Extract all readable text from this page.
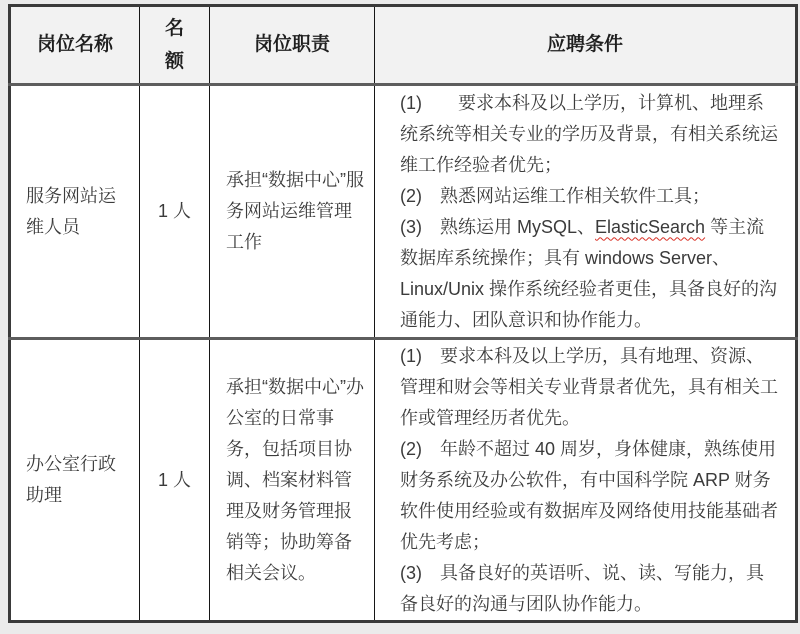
岗位名称	名额	岗位职责	应聘条件
服务网站运维人员	1 人	承担“数据中心”服务网站运维管理工作	(1)　　要求本科及以上学历，计算机、地理系统系统等相关专业的学历及背景，有相关系统运维工作经验者优先；

(2)　熟悉网站运维工作相关软件工具；

(3)　熟练运用 MySQL、ElasticSearch 等主流数据库系统操作；具有 windows Server、Linux/Unix 操作系统经验者更佳，具备良好的沟通能力、团队意识和协作能力。

办公室行政助理	1 人	承担“数据中心”办公室的日常事务，包括项目协调、档案材料管理及财务管理报销等；协助筹备相关会议。	(1)　要求本科及以上学历，具有地理、资源、管理和财会等相关专业背景者优先，具有相关工作或管理经历者优先。

(2)　年龄不超过 40 周岁，身体健康，熟练使用财务系统及办公软件，有中国科学院 ARP 财务软件使用经验或有数据库及网络使用技能基础者优先考虑；

(3)　具备良好的英语听、说、读、写能力，具备良好的沟通与团队协作能力。
